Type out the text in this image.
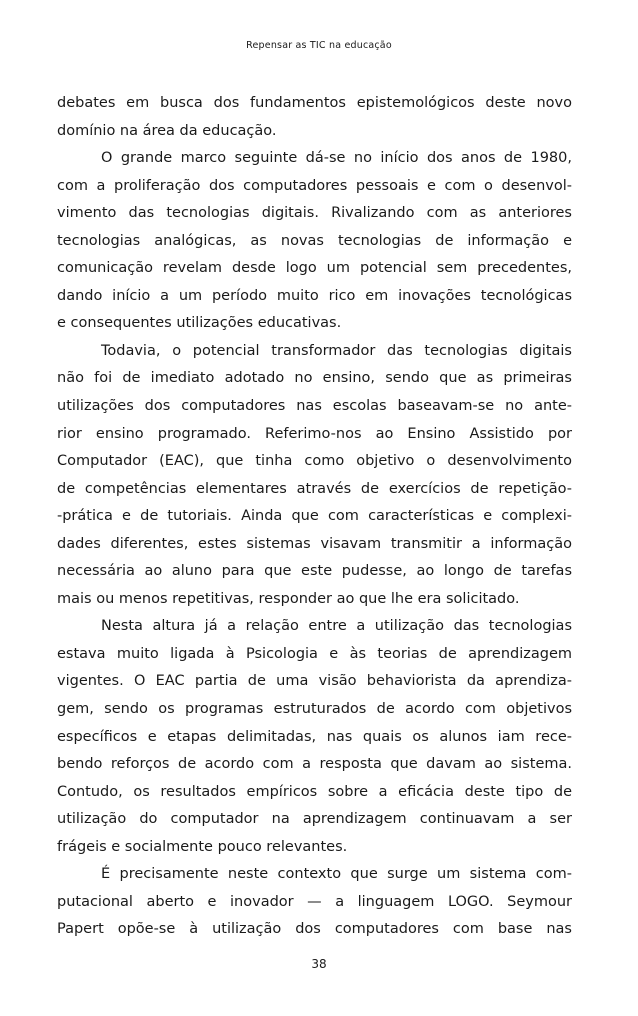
Repensar as TIC na educação
debates em busca dos fundamentos epistemológicos deste novo
domínio na área da educação.
O grande marco seguinte dá-se no início dos anos de 1980,
com a proliferação dos computadores pessoais e com o desenvol-
vimento das tecnologias digitais. Rivalizando com as anteriores
tecnologias analógicas, as novas tecnologias de informação e
comunicação revelam desde logo um potencial sem precedentes,
dando início a um período muito rico em inovações tecnológicas
e consequentes utilizações educativas.
Todavia, o potencial transformador das tecnologias digitais
não foi de imediato adotado no ensino, sendo que as primeiras
utilizações dos computadores nas escolas baseavam-se no ante-
rior ensino programado. Referimo-nos ao Ensino Assistido por
Computador (EAC), que tinha como objetivo o desenvolvimento
de competências elementares através de exercícios de repetição-
-prática e de tutoriais. Ainda que com características e complexi-
dades diferentes, estes sistemas visavam transmitir a informação
necessária ao aluno para que este pudesse, ao longo de tarefas
mais ou menos repetitivas, responder ao que lhe era solicitado.
Nesta altura já a relação entre a utilização das tecnologias
estava muito ligada à Psicologia e às teorias de aprendizagem
vigentes. O EAC partia de uma visão behaviorista da aprendiza-
gem, sendo os programas estruturados de acordo com objetivos
específicos e etapas delimitadas, nas quais os alunos iam rece-
bendo reforços de acordo com a resposta que davam ao sistema.
Contudo, os resultados empíricos sobre a eficácia deste tipo de
utilização do computador na aprendizagem continuavam a ser
frágeis e socialmente pouco relevantes.
É precisamente neste contexto que surge um sistema com-
putacional aberto e inovador — a linguagem LOGO. Seymour
Papert opõe-se à utilização dos computadores com base nas
38
